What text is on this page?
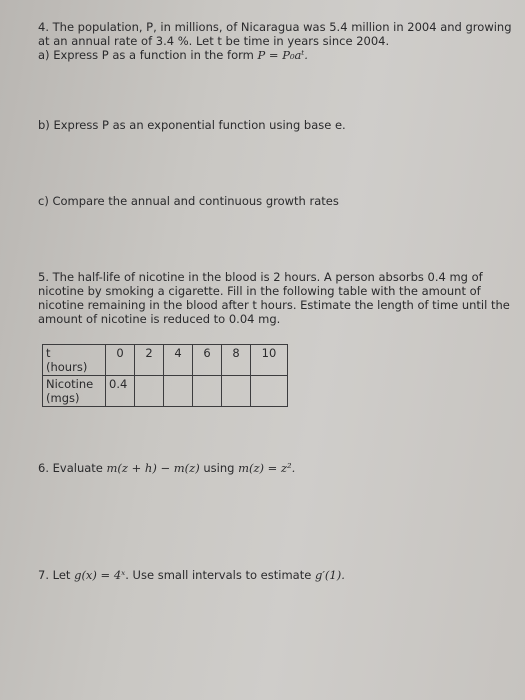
4. The population, P, in millions, of Nicaragua was 5.4 million in 2004 and growing
at an annual rate of 3.4 %. Let t be time in years since 2004.
a) Express P as a function in the form P = P₀aᵗ.
b) Express P as an exponential function using base e.
c) Compare the annual and continuous growth rates
5. The half-life of nicotine in the blood is 2 hours. A person absorbs 0.4 mg of
nicotine by smoking a cigarette. Fill in the following table with the amount of
nicotine remaining in the blood after t hours. Estimate the length of time until the
amount of nicotine is reduced to 0.04 mg.
t
(hours)	0	2	4	6	8	10

Nicotine
(mgs)	0.4					
6. Evaluate m(z + h) − m(z) using m(z) = z².
7. Let g(x) = 4ˣ. Use small intervals to estimate g′(1).
